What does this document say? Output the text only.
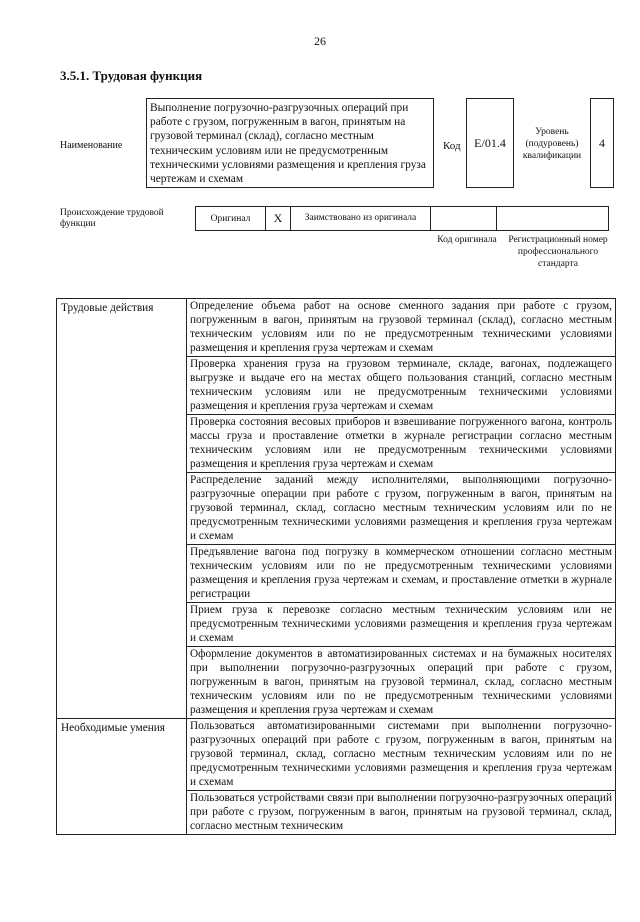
26
3.5.1. Трудовая функция
Наименование
Выполнение погрузочно-разгрузочных операций при работе с грузом, погруженным в вагон, принятым на грузовой терминал (склад), согласно местным техническим условиям или не предусмотренным техническими условиями размещения и крепления груза чертежам и схемам
Код	E/01.4
Уровень (подуровень) квалификации
4
Происхождение трудовой функции
Оригинал	X	Заимствовано из оригинала		
Код оригинала	Регистрационный номер профессионального стандарта
Трудовые действия	Определение объема работ на основе сменного задания при работе с грузом, погруженным в вагон, принятым на грузовой терминал (склад), согласно местным техническим условиям или по не предусмотренным техническими условиями размещения и крепления груза чертежам и схемам
	Проверка хранения груза на грузовом терминале, складе, вагонах, подлежащего выгрузке и выдаче его на местах общего пользования станций, согласно местным техническим условиям или не предусмотренным техническими условиями размещения и крепления груза чертежам и схемам
	Проверка состояния весовых приборов и взвешивание погруженного вагона, контроль массы груза и проставление отметки в журнале регистрации согласно местным техническим условиям или не предусмотренным техническими условиями размещения и крепления груза чертежам и схемам
	Распределение заданий между исполнителями, выполняющими погрузочно-разгрузочные операции при работе с грузом, погруженным в вагон, принятым на грузовой терминал, склад, согласно местным техническим условиям или по не предусмотренным техническими условиями размещения и крепления груза чертежам и схемам
	Предъявление вагона под погрузку в коммерческом отношении согласно местным техническим условиям или по не предусмотренным техническими условиями размещения и крепления груза чертежам и схемам, и проставление отметки в журнале регистрации
	Прием груза к перевозке согласно местным техническим условиям или не предусмотренным техническими условиями размещения и крепления груза чертежам и схемам
	Оформление документов в автоматизированных системах и на бумажных носителях при выполнении погрузочно-разгрузочных операций при работе с грузом, погруженным в вагон, принятым на грузовой терминал, склад, согласно местным техническим условиям или по не предусмотренным техническими условиями размещения и крепления груза чертежам и схемам
Необходимые умения	Пользоваться автоматизированными системами при выполнении погрузочно-разгрузочных операций при работе с грузом, погруженным в вагон, принятым на грузовой терминал, склад, согласно местным техническим условиям или по не предусмотренным техническими условиями размещения и крепления груза чертежам и схемам
	Пользоваться устройствами связи при выполнении погрузочно-разгрузочных операций при работе с грузом, погруженным в вагон, принятым на грузовой терминал, склад, согласно местным техническим
